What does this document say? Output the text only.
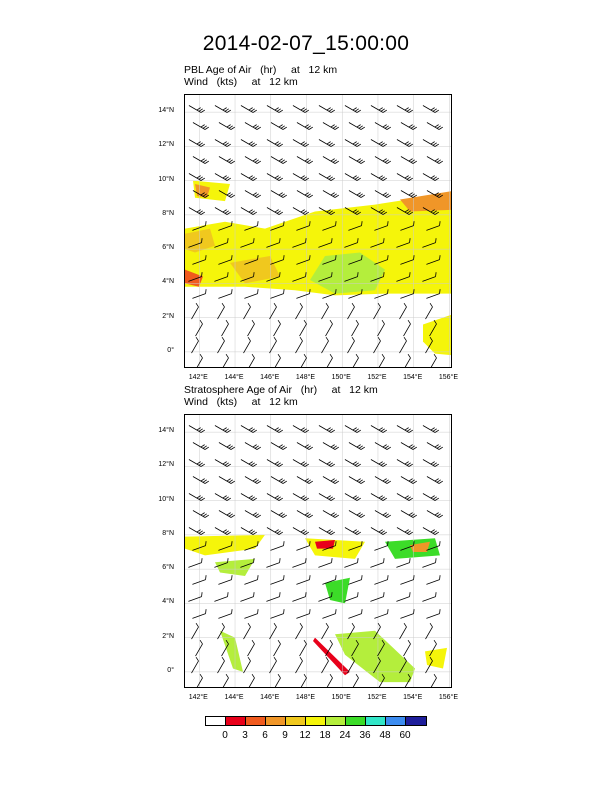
2014-02-07_15:00:00
PBL Age of Air   (hr)     at   12 km
Wind   (kts)     at   12 km
0°
2°N
4°N
6°N
8°N
10°N
12°N
14°N
142°E	144°E	146°E	148°E	150°E	152°E	154°E	156°E
Stratosphere Age of Air   (hr)     at   12 km
Wind   (kts)     at   12 km
0°
2°N
4°N
6°N
8°N
10°N
12°N
14°N
142°E	144°E	146°E	148°E	150°E	152°E	154°E	156°E
0	3	6	9	12 18 24 36 48 60
